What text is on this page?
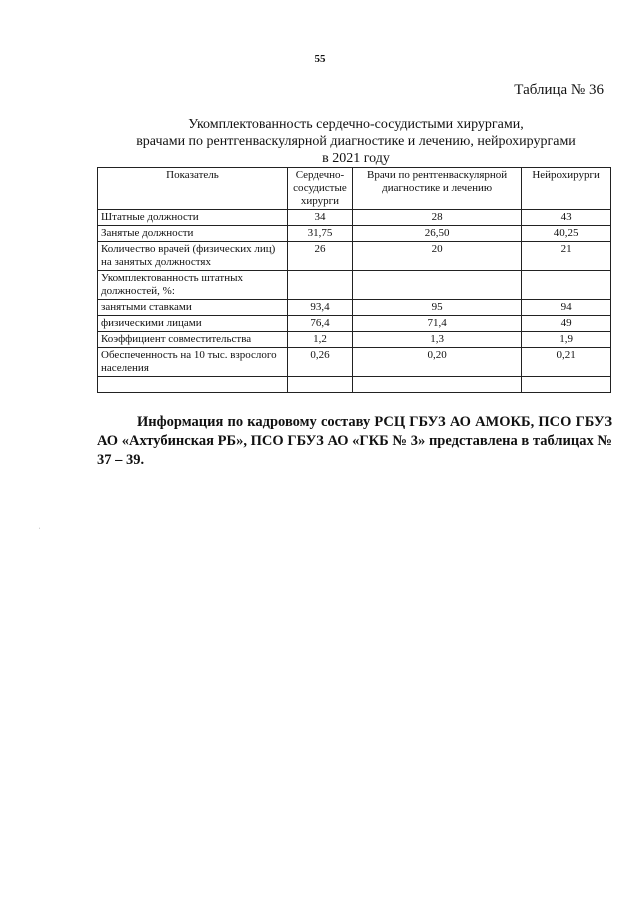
55
Таблица № 36
Укомплектованность сердечно-сосудистыми хирургами,
врачами по рентгенваскулярной диагностике и лечению, нейрохирургами
в 2021 году
Показатель	Сердечно-сосудистые хирурги	Врачи по рентгенваскулярной диагностике и лечению	Нейрохирурги
Штатные должности	34	28	43
Занятые должности	31,75	26,50	40,25
Количество врачей (физических лиц) на занятых должностях	26	20	21
Укомплектованность штатных должностей, %:			
занятыми ставками	93,4	95	94
физическими лицами	76,4	71,4	49
Коэффициент совместительства	1,2	1,3	1,9
Обеспеченность на 10 тыс. взрослого населения	0,26	0,20	0,21

Информация по кадровому составу РСЦ ГБУЗ АО АМОКБ, ПСО ГБУЗ АО «Ахтубинская РБ», ПСО ГБУЗ АО «ГКБ № 3» представлена в таблицах № 37 – 39.
ˌ
